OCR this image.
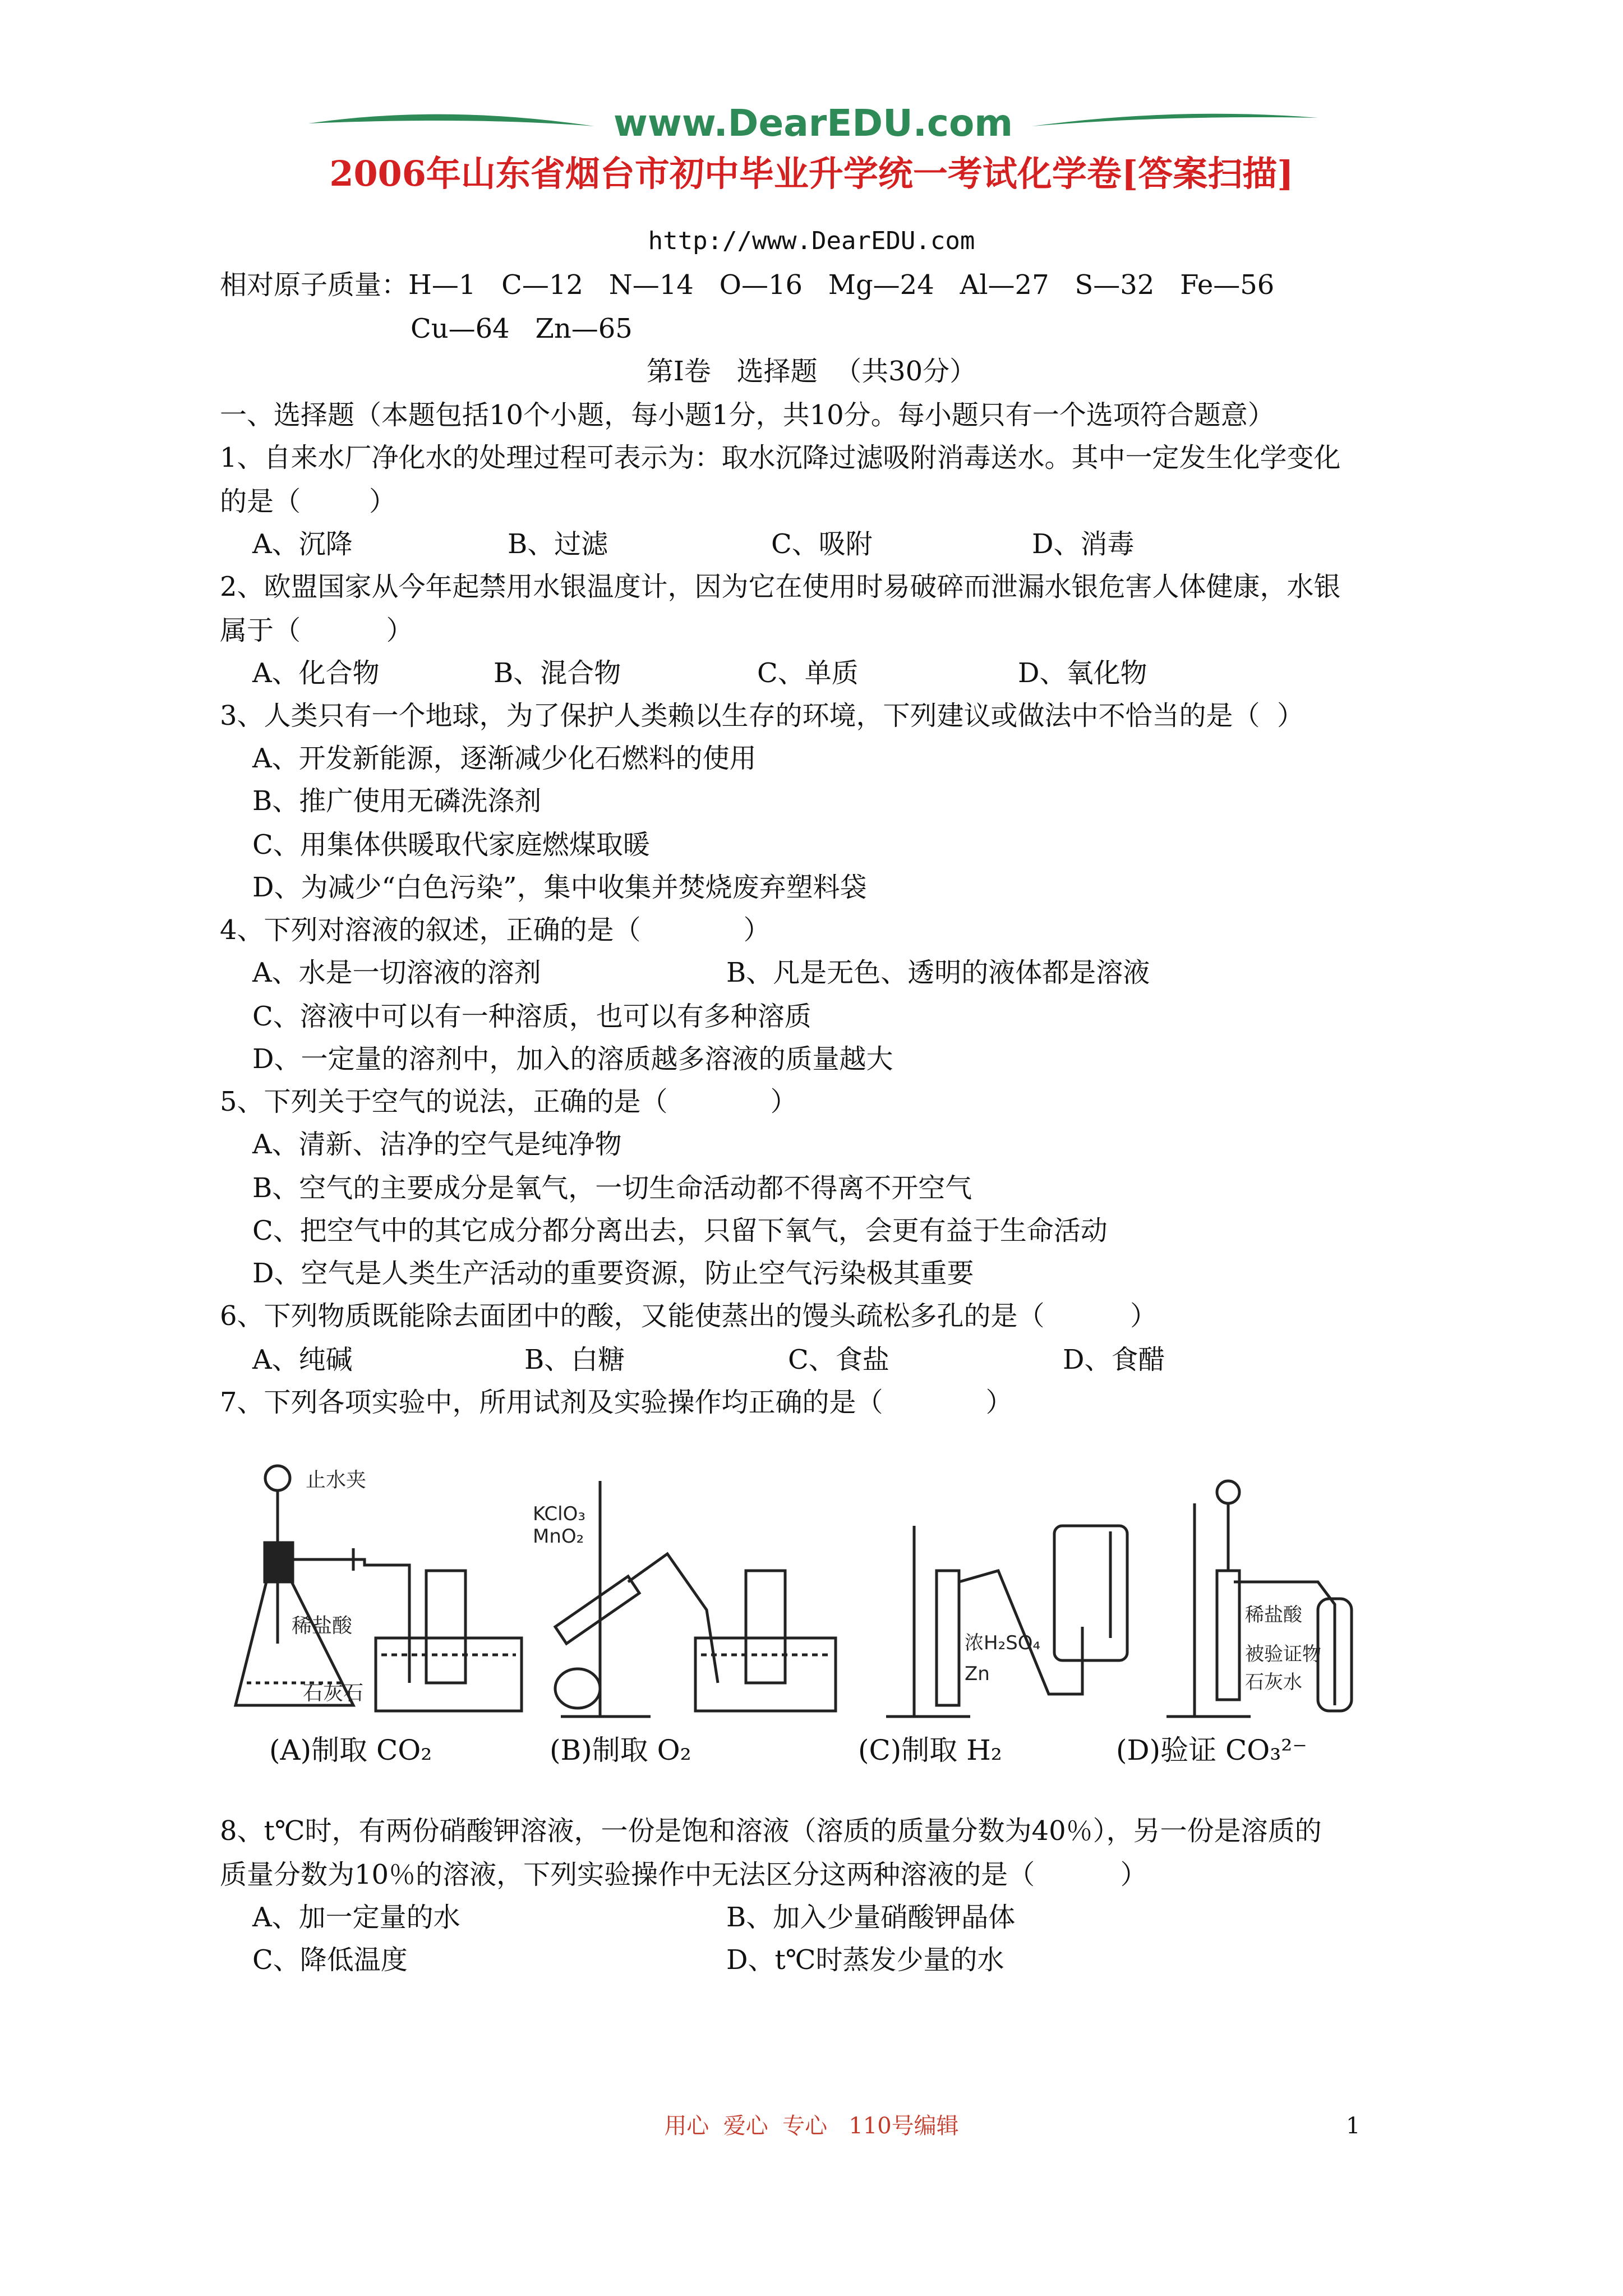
www.DearEDU.com
2006年山东省烟台市初中毕业升学统一考试化学卷[答案扫描]
http://www.DearEDU.com
相对原子质量：H—1   C—12   N—14   O—16   Mg—24   Al—27   S—32   Fe—56
Cu—64   Zn—65
第Ⅰ卷   选择题  （共30分）
一、选择题（本题包括10个小题，每小题1分，共10分。每小题只有一个选项符合题意）
1、自来水厂净化水的处理过程可表示为：取水沉降过滤吸附消毒送水。其中一定发生化学变化
的是（        ）
A、沉降	B、过滤	C、吸附	D、消毒
2、欧盟国家从今年起禁用水银温度计，因为它在使用时易破碎而泄漏水银危害人体健康，水银
属于（          ）
A、化合物	B、混合物	C、单质	D、氧化物
3、人类只有一个地球，为了保护人类赖以生存的环境，下列建议或做法中不恰当的是（  ）
A、开发新能源，逐渐减少化石燃料的使用
B、推广使用无磷洗涤剂
C、用集体供暖取代家庭燃煤取暖
D、为减少“白色污染”，集中收集并焚烧废弃塑料袋
4、下列对溶液的叙述，正确的是（            ）
A、水是一切溶液的溶剂	B、凡是无色、透明的液体都是溶液
C、溶液中可以有一种溶质，也可以有多种溶质
D、一定量的溶剂中，加入的溶质越多溶液的质量越大
5、下列关于空气的说法，正确的是（            ）
A、清新、洁净的空气是纯净物
B、空气的主要成分是氧气，一切生命活动都不得离不开空气
C、把空气中的其它成分都分离出去，只留下氧气，会更有益于生命活动
D、空气是人类生产活动的重要资源，防止空气污染极其重要
6、下列物质既能除去面团中的酸，又能使蒸出的馒头疏松多孔的是（          ）
A、纯碱	B、白糖	C、食盐	D、食醋
7、下列各项实验中，所用试剂及实验操作均正确的是（            ）
止水夹
稀盐酸
石灰石
KClO₃
MnO₂
浓H₂SO₄
Zn
稀盐酸
被验证物
石灰水
(A)制取 CO₂	(B)制取 O₂	(C)制取 H₂	(D)验证 CO₃²⁻
8、t℃时，有两份硝酸钾溶液，一份是饱和溶液（溶质的质量分数为40％），另一份是溶质的
质量分数为10％的溶液，下列实验操作中无法区分这两种溶液的是（          ）
A、加一定量的水	B、加入少量硝酸钾晶体
C、降低温度	D、t℃时蒸发少量的水
用心  爱心  专心   110号编辑	1
